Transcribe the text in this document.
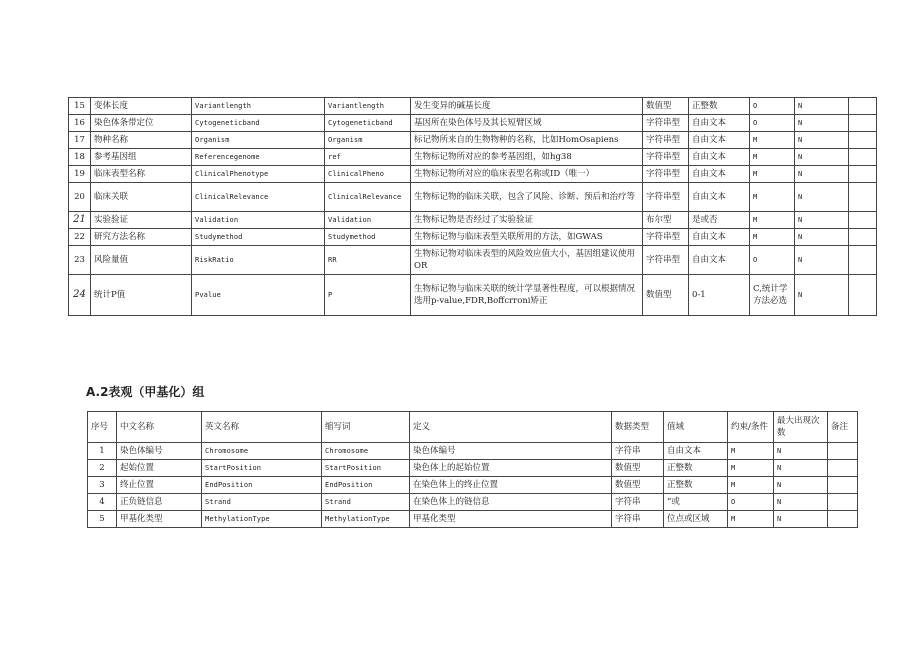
15	变体长度	Variantlength	Variantlength	发生变异的碱基长度	数值型	正整数	O	N	
16	染色体条带定位	Cytogeneticband	Cytogeneticband	基因所在染色体号及其长短臂区域	字符串型	自由文本	O	N	
17	物种名称	Organism	Organism	标记物所来自的生物物种的名称，比如HomOsapiens	字符串型	自由文本	M	N	
18	参考基因组	Referencegenome	ref	生物标记物所对应的参考基因组，如hg38	字符串型	自由文本	M	N	
19	临床表型名称	ClinicalPhenotype	ClinicalPheno	生物标记物所对应的临床表型名称或ID（唯一）	字符串型	自由文本	M	N	
20	临床关联	ClinicalRelevance	ClinicalRelevance	生物标记物的临床关联，包含了风险、诊断、预后和治疗等	字符串型	自由文本	M	N	
21	实验验证	Validation	Validation	生物标记物是否经过了实验验证	布尔型	是或否	M	N	
22	研究方法名称	Studymethod	Studymethod	生物标记物与临床表型关联所用的方法，如GWAS	字符串型	自由文本	M	N	
23	风险量值	RiskRatio	RR	生物标记物对临床表型的风险效应值大小，基因组建议使用OR	字符串型	自由文本	O	N	
24	统计P值	Pvalue	P	生物标记物与临床关联的统计学显著性程度，可以根据情况选用p-value,FDR,Boffcrroni矫正	数值型	0-1	C,统计学方法必选	N	
A.2表观（甲基化）组
序号	中文名称	英文名称	缩写词	定义	数据类型	值域	约束/条件	最大出现次数	备注
1	染色体编号	Chromosome	Chromosome	染色体编号	字符串	自由文本	M	N	
2	起始位置	StartPosition	StartPosition	染色体上的起始位置	数值型	正整数	M	N	
3	终止位置	EndPosition	EndPosition	在染色体上的终止位置	数值型	正整数	M	N	
4	正负链信息	Strand	Strand	在染色体上的链信息	字符串	“或	O	N	
5	甲基化类型	MethylationType	MethylationType	甲基化类型	字符串	位点或区域	M	N	
